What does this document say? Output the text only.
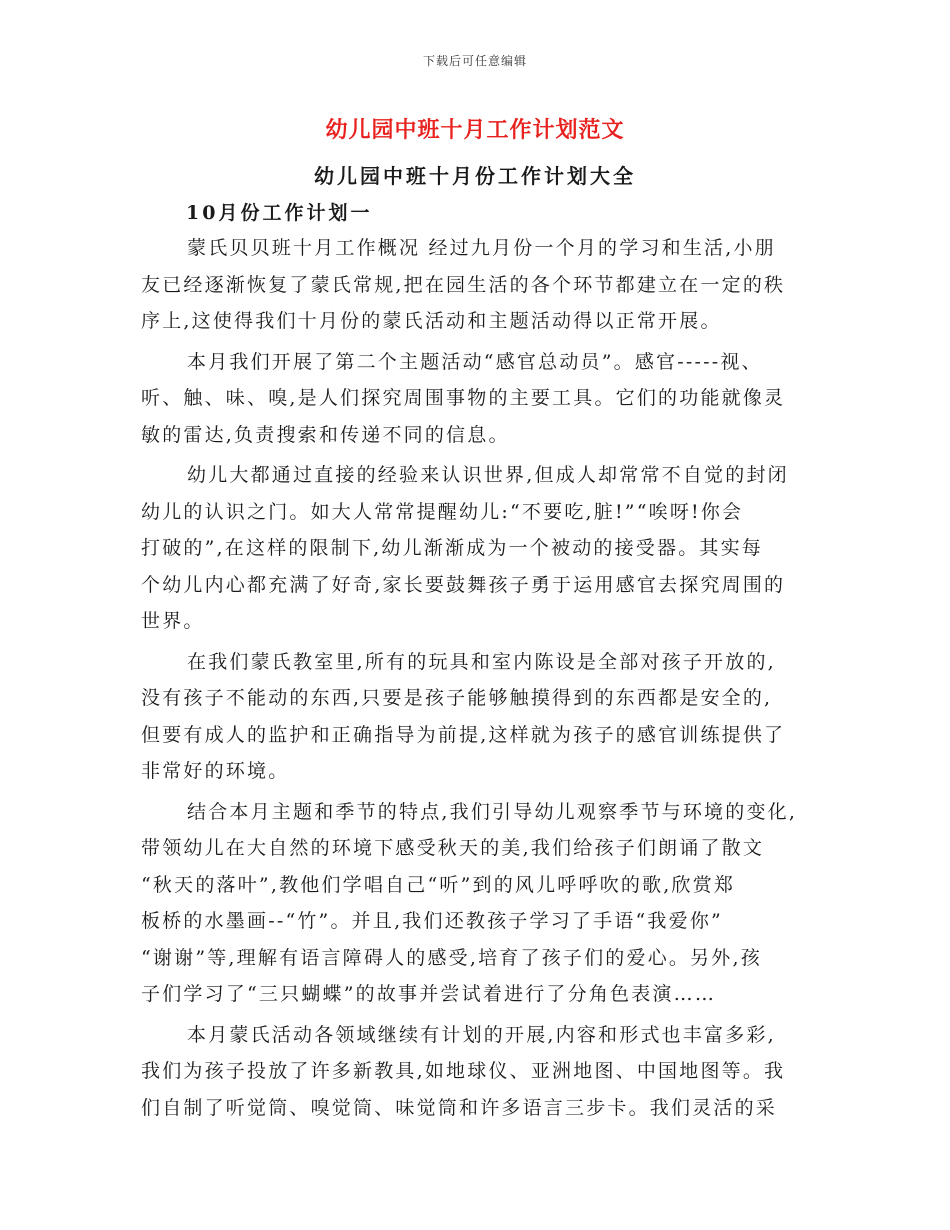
下载后可任意编辑
幼儿园中班十月工作计划范文
幼儿园中班十月份工作计划大全
10月份工作计划一

蒙氏贝贝班十月工作概况 经过九月份一个月的学习和生活,小朋
友已经逐渐恢复了蒙氏常规,把在园生活的各个环节都建立在一定的秩
序上,这使得我们十月份的蒙氏活动和主题活动得以正常开展。

本月我们开展了第二个主题活动“感官总动员”。感官-----视、
听、触、味、嗅,是人们探究周围事物的主要工具。它们的功能就像灵
敏的雷达,负责搜索和传递不同的信息。

幼儿大都通过直接的经验来认识世界,但成人却常常不自觉的封闭
幼儿的认识之门。如大人常常提醒幼儿:“不要吃,脏!”“唉呀!你会
打破的”,在这样的限制下,幼儿渐渐成为一个被动的接受器。其实每
个幼儿内心都充满了好奇,家长要鼓舞孩子勇于运用感官去探究周围的
世界。

在我们蒙氏教室里,所有的玩具和室内陈设是全部对孩子开放的,
没有孩子不能动的东西,只要是孩子能够触摸得到的东西都是安全的,
但要有成人的监护和正确指导为前提,这样就为孩子的感官训练提供了
非常好的环境。

结合本月主题和季节的特点,我们引导幼儿观察季节与环境的变化,
带领幼儿在大自然的环境下感受秋天的美,我们给孩子们朗诵了散文
“秋天的落叶”,教他们学唱自己“听”到的风儿呼呼吹的歌,欣赏郑
板桥的水墨画--“竹”。并且,我们还教孩子学习了手语“我爱你”
“谢谢”等,理解有语言障碍人的感受,培育了孩子们的爱心。另外,孩
子们学习了“三只蝴蝶”的故事并尝试着进行了分角色表演……

本月蒙氏活动各领域继续有计划的开展,内容和形式也丰富多彩,
我们为孩子投放了许多新教具,如地球仪、亚洲地图、中国地图等。我
们自制了听觉筒、嗅觉筒、味觉筒和许多语言三步卡。我们灵活的采
